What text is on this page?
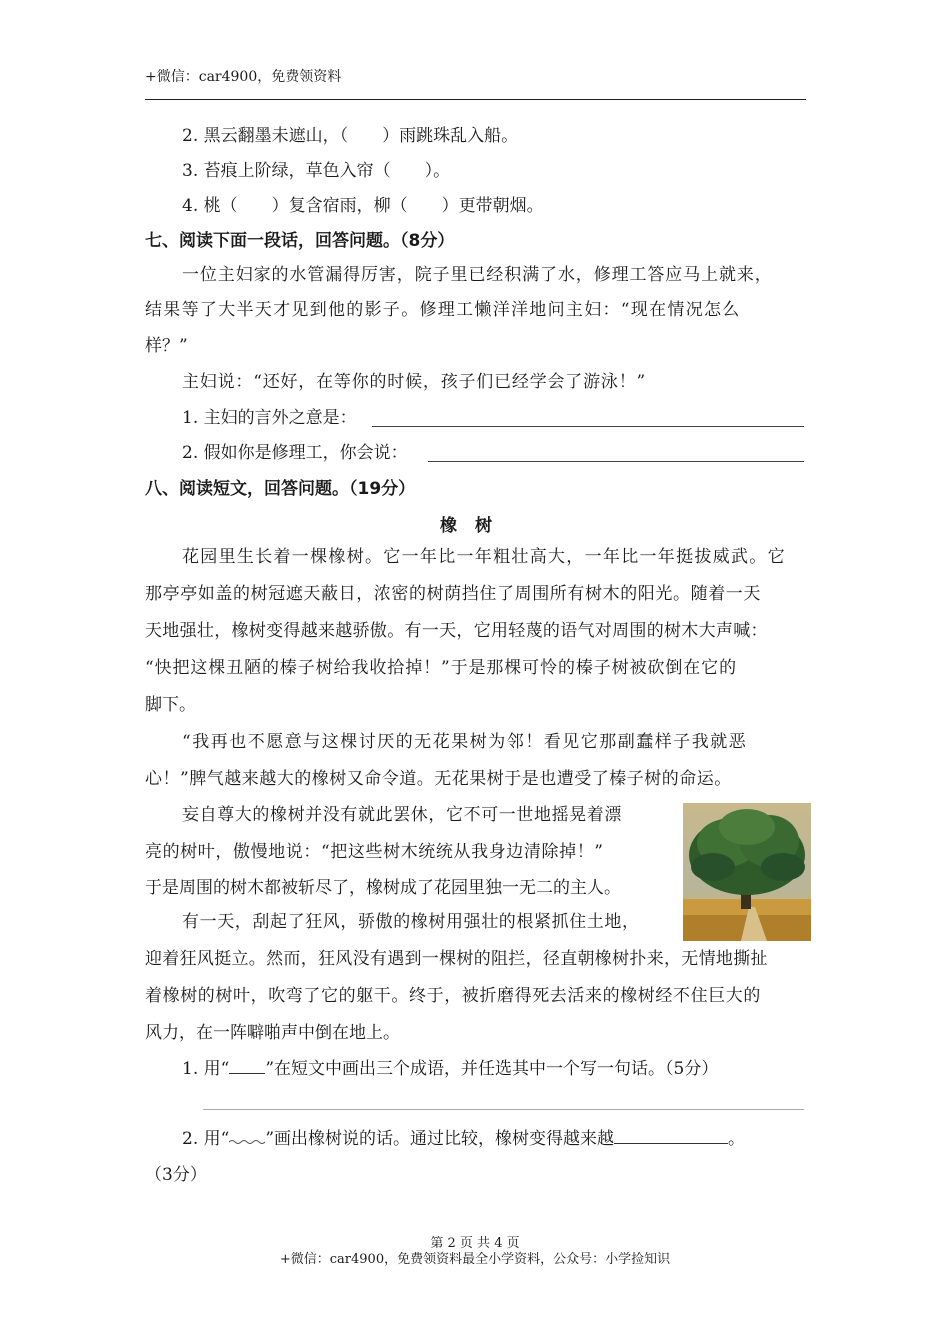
+微信：car4900，免费领资料
2. 黑云翻墨未遮山，（　　）雨跳珠乱入船。
3. 苔痕上阶绿，草色入帘（　　）。
4. 桃（　　）复含宿雨，柳（　　）更带朝烟。
七、阅读下面一段话，回答问题。（8分）
一位主妇家的水管漏得厉害，院子里已经积满了水，修理工答应马上就来，
结果等了大半天才见到他的影子。修理工懒洋洋地问主妇：“现在情况怎么
样？”
主妇说：“还好，在等你的时候，孩子们已经学会了游泳！”
1. 主妇的言外之意是：
2. 假如你是修理工，你会说：
八、阅读短文，回答问题。（19分）
橡树
花园里生长着一棵橡树。它一年比一年粗壮高大，一年比一年挺拔威武。它
那亭亭如盖的树冠遮天蔽日，浓密的树荫挡住了周围所有树木的阳光。随着一天
天地强壮，橡树变得越来越骄傲。有一天，它用轻蔑的语气对周围的树木大声喊：
“快把这棵丑陋的榛子树给我收拾掉！”于是那棵可怜的榛子树被砍倒在它的
脚下。
“我再也不愿意与这棵讨厌的无花果树为邻！看见它那副蠢样子我就恶
心！”脾气越来越大的橡树又命令道。无花果树于是也遭受了榛子树的命运。
妄自尊大的橡树并没有就此罢休，它不可一世地摇晃着漂
亮的树叶，傲慢地说：“把这些树木统统从我身边清除掉！”
于是周围的树木都被斩尽了，橡树成了花园里独一无二的主人。
有一天，刮起了狂风，骄傲的橡树用强壮的根紧抓住土地，
迎着狂风挺立。然而，狂风没有遇到一棵树的阻拦，径直朝橡树扑来，无情地撕扯
着橡树的树叶，吹弯了它的躯干。终于，被折磨得死去活来的橡树经不住巨大的
风力，在一阵噼啪声中倒在地上。
1. 用“ ”在短文中画出三个成语，并任选其中一个写一句话。（5分）
2. 用“ ”画出橡树说的话。通过比较，橡树变得越来越	。
（3分）
第 2 页 共 4 页
+微信：car4900，免费领资料最全小学资料，公众号：小学捡知识
